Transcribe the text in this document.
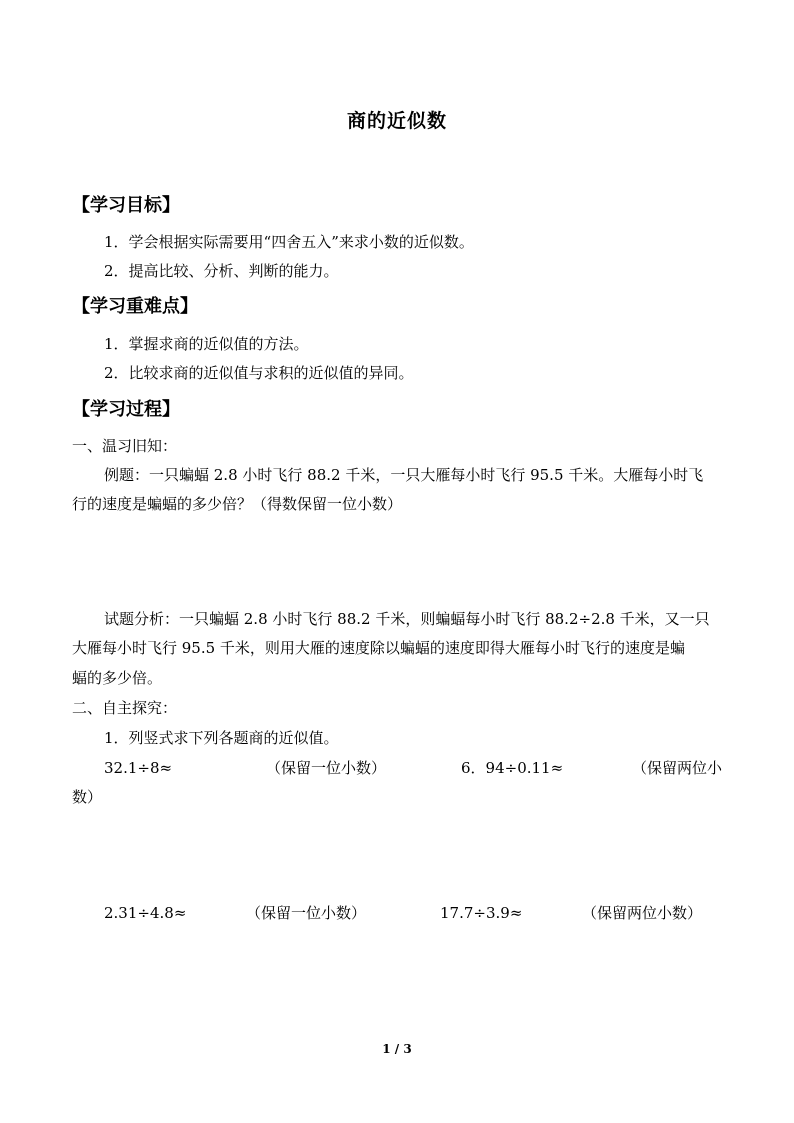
商的近似数
【学习目标】
1．学会根据实际需要用“四舍五入”来求小数的近似数。
2．提高比较、分析、判断的能力。
【学习重难点】
1．掌握求商的近似值的方法。
2．比较求商的近似值与求积的近似值的异同。
【学习过程】
一、温习旧知：
例题：一只蝙蝠 2.8 小时飞行 88.2 千米，一只大雁每小时飞行 95.5 千米。大雁每小时飞
行的速度是蝙蝠的多少倍？（得数保留一位小数）
试题分析：一只蝙蝠 2.8 小时飞行 88.2 千米，则蝙蝠每小时飞行 88.2÷2.8 千米，又一只
大雁每小时飞行 95.5 千米，则用大雁的速度除以蝙蝠的速度即得大雁每小时飞行的速度是蝙
蝠的多少倍。
二、自主探究：
1．列竖式求下列各题商的近似值。
32.1÷8≈	（保留一位小数）	6．94÷0.11≈	（保留两位小
数）
2.31÷4.8≈	（保留一位小数）	17.7÷3.9≈	（保留两位小数）
1 / 3
